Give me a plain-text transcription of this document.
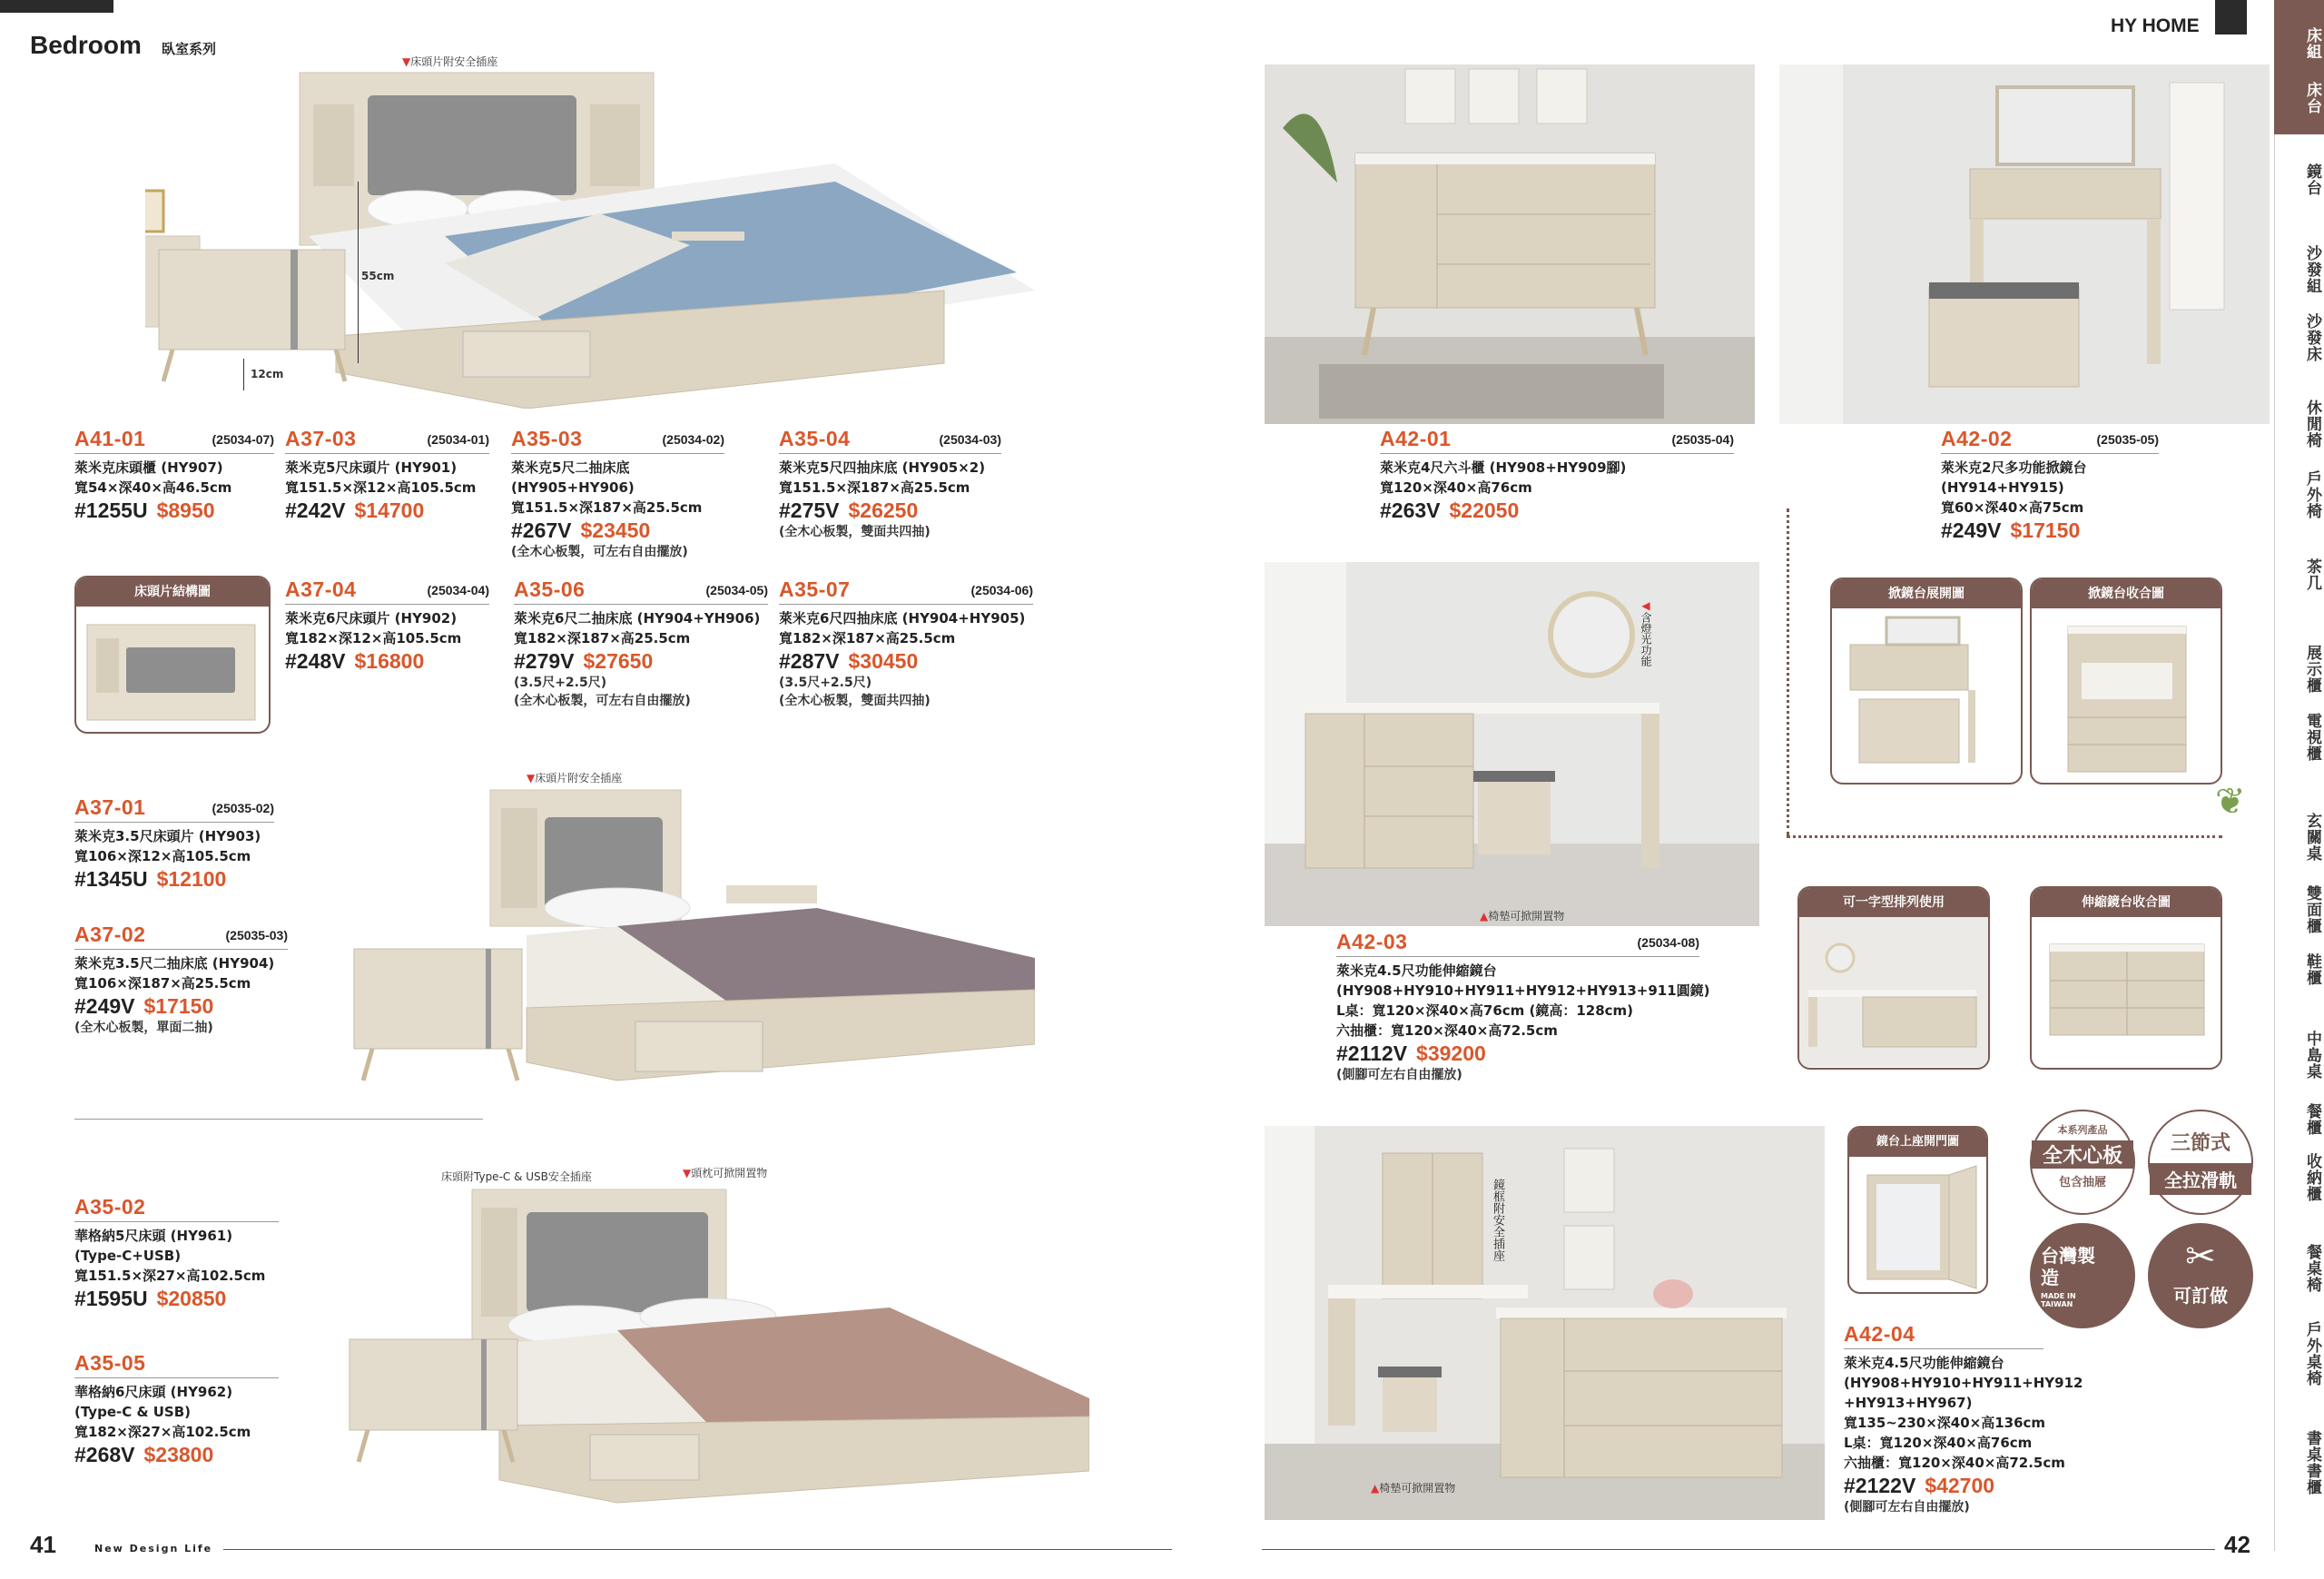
Bedroom 臥室系列
HY HOME
床組
床台
鏡台
沙發組
沙發床
休閒椅
戶外椅
茶几
展示櫃
電視櫃
玄關桌
雙面櫃
鞋櫃
中島桌
餐櫃
收納櫃
餐桌椅
戶外桌椅
書桌書櫃
▼床頭片附安全插座
55cm
12cm
床頭片結構圖
▼床頭片附安全插座
床頭附Type-C & USB安全插座	▼頭枕可掀開置物
A41-01	(25034-07)
萊米克床頭櫃 (HY907)
寬54×深40×高46.5cm
#1255U $8950
A37-03	(25034-01)
萊米克5尺床頭片 (HY901)
寬151.5×深12×高105.5cm
#242V $14700
A35-03	(25034-02)
萊米克5尺二抽床底
(HY905+HY906)
寬151.5×深187×高25.5cm
#267V $23450
(全木心板製，可左右自由擺放)
A35-04	(25034-03)
萊米克5尺四抽床底 (HY905×2)
寬151.5×深187×高25.5cm
#275V $26250
(全木心板製，雙面共四抽)
A37-04	(25034-04)
萊米克6尺床頭片 (HY902)
寬182×深12×高105.5cm
#248V $16800
A35-06	(25034-05)
萊米克6尺二抽床底 (HY904+YH906)
寬182×深187×高25.5cm
#279V $27650
(3.5尺+2.5尺)
(全木心板製，可左右自由擺放)
A35-07	(25034-06)
萊米克6尺四抽床底 (HY904+HY905)
寬182×深187×高25.5cm
#287V $30450
(3.5尺+2.5尺)
(全木心板製，雙面共四抽)
A37-01	(25035-02)
萊米克3.5尺床頭片 (HY903)
寬106×深12×高105.5cm
#1345U $12100
A37-02	(25035-03)
萊米克3.5尺二抽床底 (HY904)
寬106×深187×高25.5cm
#249V $17150
(全木心板製，單面二抽)
A35-02
華格納5尺床頭 (HY961)
(Type-C+USB)
寬151.5×深27×高102.5cm
#1595U $20850
A35-05
華格納6尺床頭 (HY962)
(Type-C & USB)
寬182×深27×高102.5cm
#268V $23800
41	New Design Life	42
A42-01	(25035-04)
萊米克4尺六斗櫃 (HY908+HY909腳)
寬120×深40×高76cm
#263V $22050
A42-02	(25035-05)
萊米克2尺多功能掀鏡台
(HY914+HY915)
寬60×深40×高75cm
#249V $17150
◀含燈光功能
▲椅墊可掀開置物
A42-03	(25034-08)
萊米克4.5尺功能伸縮鏡台
(HY908+HY910+HY911+HY912+HY913+911圓鏡)
L桌：寬120×深40×高76cm (鏡高：128cm)
六抽櫃：寬120×深40×高72.5cm
#2112V $39200
(側腳可左右自由擺放)
❦
掀鏡台展開圖	掀鏡台收合圖
可一字型排列使用	伸縮鏡台收合圖
鏡框附安全插座
▲椅墊可掀開置物
鏡台上座開門圖
本系列產品
全木心板
包含抽屜
三節式
全拉滑軌
台灣製造
MADE IN TAIWAN
✂
可訂做
A42-04
萊米克4.5尺功能伸縮鏡台
(HY908+HY910+HY911+HY912
+HY913+HY967)
寬135~230×深40×高136cm
L桌：寬120×深40×高76cm
六抽櫃：寬120×深40×高72.5cm
#2122V $42700
(側腳可左右自由擺放)
